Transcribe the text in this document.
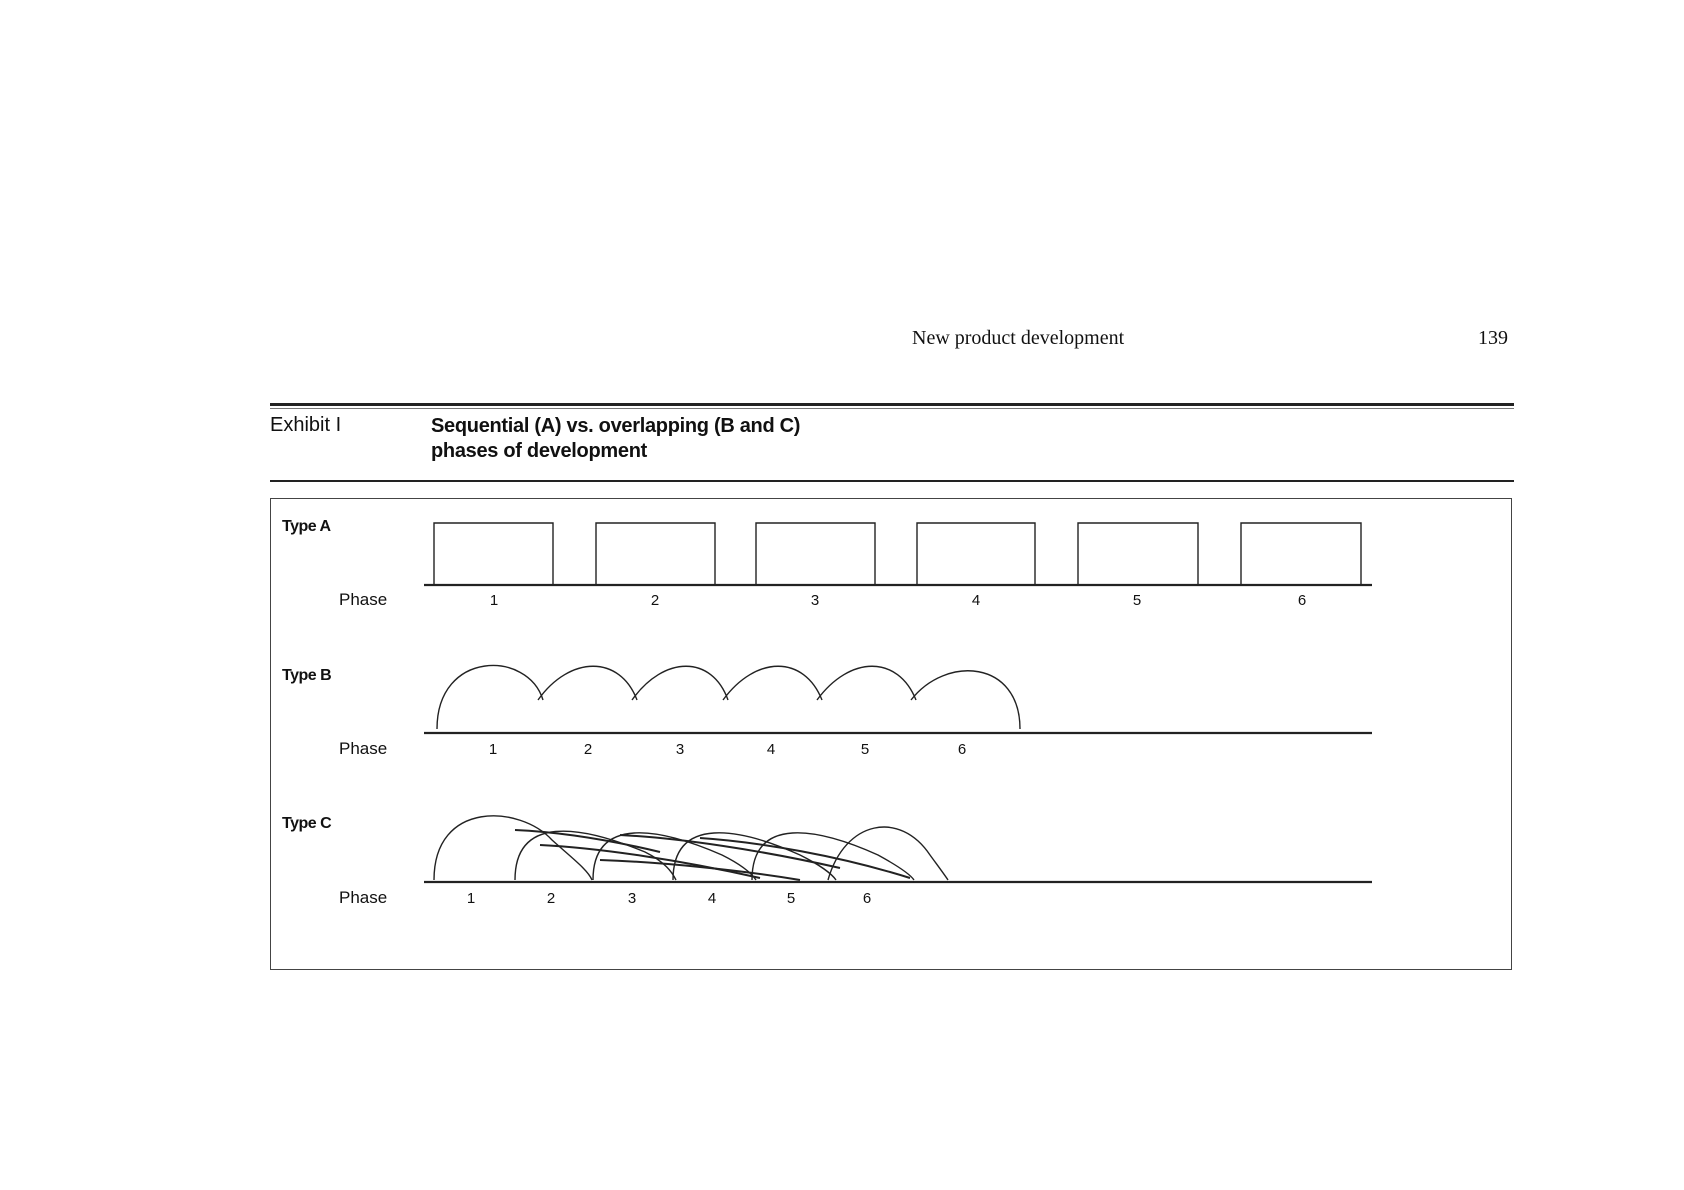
New product development	139
Exhibit I	Sequential (A) vs. overlapping (B and C)
phases of development
Type A
Phase	1	2	3	4	5	6
Type B
Phase	1	2	3	4	5	6
Type C
Phase	1	2	3	4	5	6
